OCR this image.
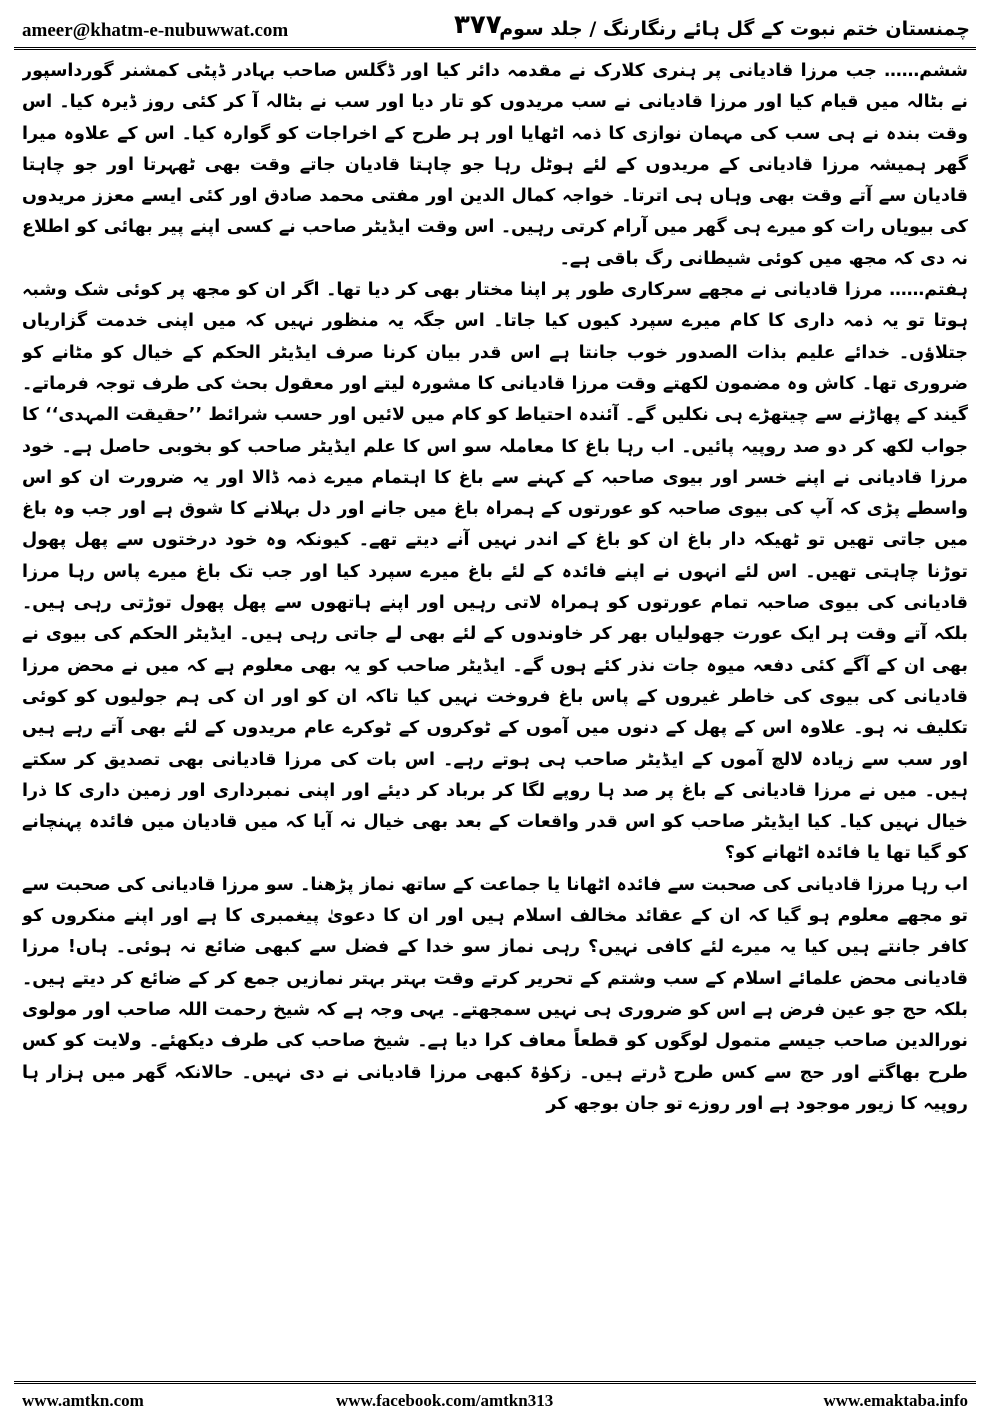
ameer@khatm-e-nubuwwat.com	۳۷۷
چمنستان ختم نبوت کے گل ہائے رنگارنگ / جلد سوم

ششم…… جب مرزا قادیانی پر ہنری کلارک نے مقدمہ دائر کیا اور ڈگلس صاحب بہادر ڈپٹی کمشنر گورداسپور نے بٹالہ میں قیام کیا اور مرزا قادیانی نے سب مریدوں کو تار دیا اور سب نے بٹالہ آ کر کئی روز ڈیرہ کیا۔ اس وقت بندہ نے ہی سب کی مہمان نوازی کا ذمہ اٹھایا اور ہر طرح کے اخراجات کو گوارہ کیا۔ اس کے علاوہ میرا گھر ہمیشہ مرزا قادیانی کے مریدوں کے لئے ہوٹل رہا جو چاہتا قادیان جاتے وقت بھی ٹھہرتا اور جو چاہتا قادیان سے آتے وقت بھی وہاں ہی اترتا۔ خواجہ کمال الدین اور مفتی محمد صادق اور کئی ایسے معزز مریدوں کی بیویاں رات کو میرے ہی گھر میں آرام کرتی رہیں۔ اس وقت ایڈیٹر صاحب نے کسی اپنے پیر بھائی کو اطلاع نہ دی کہ مجھ میں کوئی شیطانی رگ باقی ہے۔

ہفتم…… مرزا قادیانی نے مجھے سرکاری طور پر اپنا مختار بھی کر دیا تھا۔ اگر ان کو مجھ پر کوئی شک وشبہ ہوتا تو یہ ذمہ داری کا کام میرے سپرد کیوں کیا جاتا۔ اس جگہ یہ منظور نہیں کہ میں اپنی خدمت گزاریاں جتلاؤں۔ خدائے علیم بذات الصدور خوب جانتا ہے اس قدر بیان کرنا صرف ایڈیٹر الحکم کے خیال کو مٹانے کو ضروری تھا۔ کاش وہ مضمون لکھتے وقت مرزا قادیانی کا مشورہ لیتے اور معقول بحث کی طرف توجہ فرماتے۔ گیند کے پھاڑنے سے چیتھڑے ہی نکلیں گے۔ آئندہ احتیاط کو کام میں لائیں اور حسب شرائط ’’حقیقت المہدی‘‘ کا جواب لکھ کر دو صد روپیہ پائیں۔ اب رہا باغ کا معاملہ سو اس کا علم ایڈیٹر صاحب کو بخوبی حاصل ہے۔ خود مرزا قادیانی نے اپنے خسر اور بیوی صاحبہ کے کہنے سے باغ کا اہتمام میرے ذمہ ڈالا اور یہ ضرورت ان کو اس واسطے پڑی کہ آپ کی بیوی صاحبہ کو عورتوں کے ہمراہ باغ میں جانے اور دل بہلانے کا شوق ہے اور جب وہ باغ میں جاتی تھیں تو ٹھیکہ دار باغ ان کو باغ کے اندر نہیں آنے دیتے تھے۔ کیونکہ وہ خود درختوں سے پھل پھول توڑنا چاہتی تھیں۔ اس لئے انہوں نے اپنے فائدہ کے لئے باغ میرے سپرد کیا اور جب تک باغ میرے پاس رہا مرزا قادیانی کی بیوی صاحبہ تمام عورتوں کو ہمراہ لاتی رہیں اور اپنے ہاتھوں سے پھل پھول توڑتی رہی ہیں۔ بلکہ آتے وقت ہر ایک عورت جھولیاں بھر کر خاوندوں کے لئے بھی لے جاتی رہی ہیں۔ ایڈیٹر الحکم کی بیوی نے بھی ان کے آگے کئی دفعہ میوہ جات نذر کئے ہوں گے۔ ایڈیٹر صاحب کو یہ بھی معلوم ہے کہ میں نے محض مرزا قادیانی کی بیوی کی خاطر غیروں کے پاس باغ فروخت نہیں کیا تاکہ ان کو اور ان کی ہم جولیوں کو کوئی تکلیف نہ ہو۔ علاوہ اس کے پھل کے دنوں میں آموں کے ٹوکروں کے ٹوکرے عام مریدوں کے لئے بھی آتے رہے ہیں اور سب سے زیادہ لالچ آموں کے ایڈیٹر صاحب ہی ہوتے رہے۔ اس بات کی مرزا قادیانی بھی تصدیق کر سکتے ہیں۔ میں نے مرزا قادیانی کے باغ پر صد ہا روپے لگا کر برباد کر دیئے اور اپنی نمبرداری اور زمین داری کا ذرا خیال نہیں کیا۔ کیا ایڈیٹر صاحب کو اس قدر واقعات کے بعد بھی خیال نہ آیا کہ میں قادیان میں فائدہ پہنچانے کو گیا تھا یا فائدہ اٹھانے کو؟

اب رہا مرزا قادیانی کی صحبت سے فائدہ اٹھانا یا جماعت کے ساتھ نماز پڑھنا۔ سو مرزا قادیانی کی صحبت سے تو مجھے معلوم ہو گیا کہ ان کے عقائد مخالف اسلام ہیں اور ان کا دعویٰ پیغمبری کا ہے اور اپنے منکروں کو کافر جانتے ہیں کیا یہ میرے لئے کافی نہیں؟ رہی نماز سو خدا کے فضل سے کبھی ضائع نہ ہوئی۔ ہاں! مرزا قادیانی محض علمائے اسلام کے سب وشتم کے تحریر کرتے وقت بہتر بہتر نمازیں جمع کر کے ضائع کر دیتے ہیں۔ بلکہ حج جو عین فرض ہے اس کو ضروری ہی نہیں سمجھتے۔ یہی وجہ ہے کہ شیخ رحمت اللہ صاحب اور مولوی نورالدین صاحب جیسے متمول لوگوں کو قطعاً معاف کرا دیا ہے۔ شیخ صاحب کی طرف دیکھئے۔ ولایت کو کس طرح بھاگتے اور حج سے کس طرح ڈرتے ہیں۔ زکوٰۃ کبھی مرزا قادیانی نے دی نہیں۔ حالانکہ گھر میں ہزار ہا روپیہ کا زیور موجود ہے اور روزے تو جان بوجھ کر

www.amtkn.com	www.facebook.com/amtkn313	www.emaktaba.info
